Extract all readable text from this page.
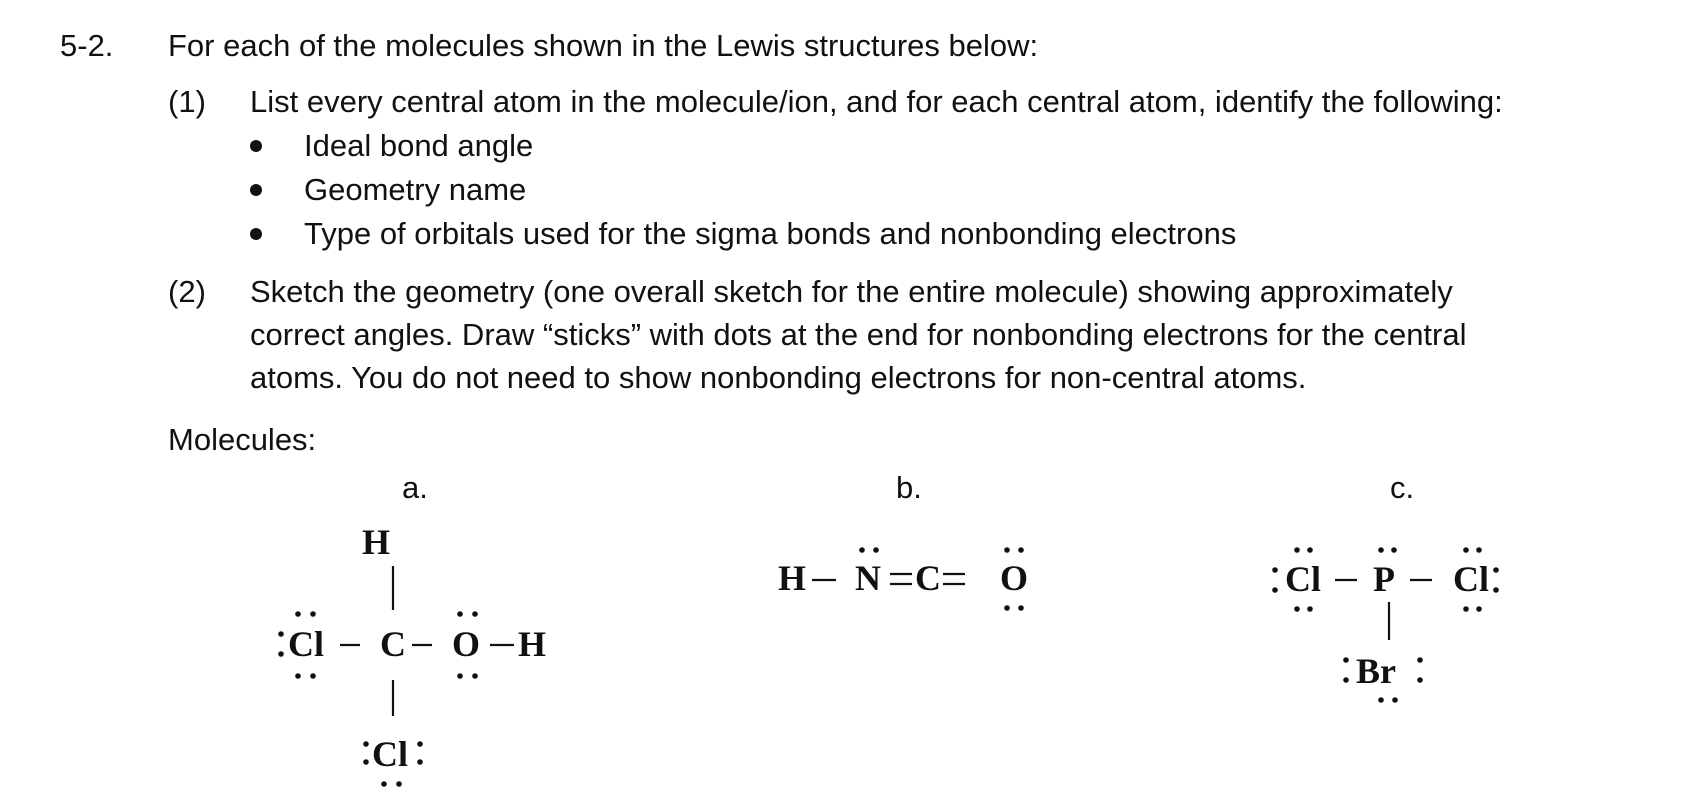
5-2. For each of the molecules shown in the Lewis structures below:
(1) List every central atom in the molecule/ion, and for each central atom, identify the following:
Ideal bond angle
Geometry name
Type of orbitals used for the sigma bonds and nonbonding electrons
(2) Sketch the geometry (one overall sketch for the entire molecule) showing approximately
correct angles. Draw “sticks” with dots at the end for nonbonding electrons for the central
atoms. You do not need to show nonbonding electrons for non-central atoms.
Molecules:
a.	b.	c.
H
Cl C O H
Cl
H N C O	Cl P Cl
Br
